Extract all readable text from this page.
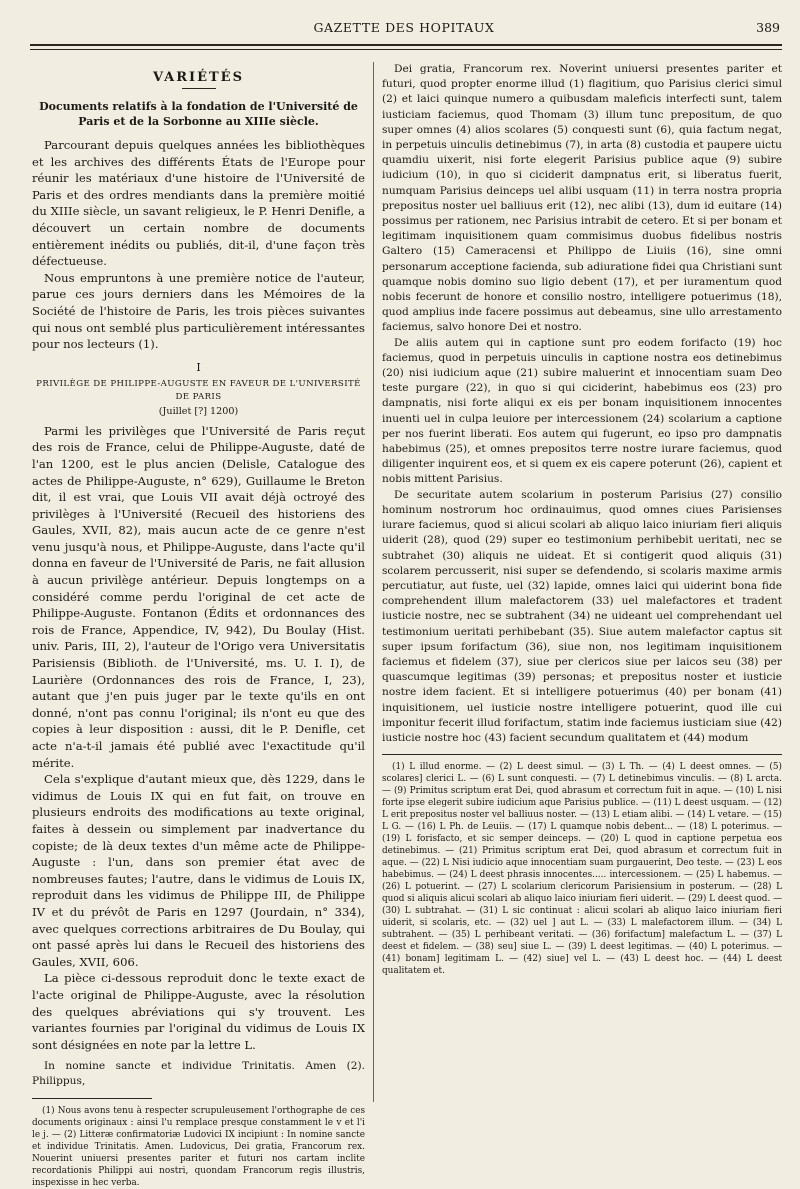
GAZETTE DES HOPITAUX	389
VARIÉTÉS
Documents relatifs à la fondation de l'Université de Paris et de la Sorbonne au XIIIe siècle.

Parcourant depuis quelques années les bibliothèques et les archives des différents États de l'Europe pour réunir les matériaux d'une histoire de l'Université de Paris et des ordres mendiants dans la première moitié du XIIIe siècle, un savant religieux, le P. Henri Denifle, a découvert un certain nombre de documents entièrement inédits ou publiés, dit-il, d'une façon très défectueuse.

Nous empruntons à une première notice de l'auteur, parue ces jours derniers dans les Mémoires de la Société de l'histoire de Paris, les trois pièces suivantes qui nous ont semblé plus particulièrement intéressantes pour nos lecteurs (1).

I
PRIVILÈGE DE PHILIPPE-AUGUSTE EN FAVEUR DE L'UNIVERSITÉ DE PARIS
(Juillet [?] 1200)

Parmi les privilèges que l'Université de Paris reçut des rois de France, celui de Philippe-Auguste, daté de l'an 1200, est le plus ancien (Delisle, Catalogue des actes de Philippe-Auguste, n° 629), Guillaume le Breton dit, il est vrai, que Louis VII avait déjà octroyé des privilèges à l'Université (Recueil des historiens des Gaules, XVII, 82), mais aucun acte de ce genre n'est venu jusqu'à nous, et Philippe-Auguste, dans l'acte qu'il donna en faveur de l'Université de Paris, ne fait allusion à aucun privilège antérieur. Depuis longtemps on a considéré comme perdu l'original de cet acte de Philippe-Auguste. Fontanon (Édits et ordonnances des rois de France, Appendice, IV, 942), Du Boulay (Hist. univ. Paris, III, 2), l'auteur de l'Origo vera Universitatis Parisiensis (Biblioth. de l'Université, ms. U. I. I), de Laurière (Ordonnances des rois de France, I, 23), autant que j'en puis juger par le texte qu'ils en ont donné, n'ont pas connu l'original; ils n'ont eu que des copies à leur disposition : aussi, dit le P. Denifle, cet acte n'a-t-il jamais été publié avec l'exactitude qu'il mérite.

Cela s'explique d'autant mieux que, dès 1229, dans le vidimus de Louis IX qui en fut fait, on trouve en plusieurs endroits des modifications au texte original, faites à dessein ou simplement par inadvertance du copiste; de là deux textes d'un même acte de Philippe-Auguste : l'un, dans son premier état avec de nombreuses fautes; l'autre, dans le vidimus de Louis IX, reproduit dans les vidimus de Philippe III, de Philippe IV et du prévôt de Paris en 1297 (Jourdain, n° 334), avec quelques corrections arbitraires de Du Boulay, qui ont passé après lui dans le Recueil des historiens des Gaules, XVII, 606.

La pièce ci-dessous reproduit donc le texte exact de l'acte original de Philippe-Auguste, avec la résolution des quelques abréviations qui s'y trouvent. Les variantes fournies par l'original du vidimus de Louis IX sont désignées en note par la lettre L.

In nomine sancte et individue Trinitatis. Amen (2). Philippus,

(1) Nous avons tenu à respecter scrupuleusement l'orthographe de ces documents originaux : ainsi l'u remplace presque constamment le v et l'i le j. — (2) Litteræ confirmatoriæ Ludovici IX incipiunt : In nomine sancte et individue Trinitatis. Amen. Ludovicus, Dei gratia, Francorum rex. Nouerint uniuersi presentes pariter et futuri nos cartam inclite recordationis Philippi aui nostri, quondam Francorum regis illustris, inspexisse in hec verba.

Dei gratia, Francorum rex. Noverint uniuersi presentes pariter et futuri, quod propter enorme illud (1) flagitium, quo Parisius clerici simul (2) et laici quinque numero a quibusdam maleficis interfecti sunt, talem iusticiam faciemus, quod Thomam (3) illum tunc prepositum, de quo super omnes (4) alios scolares (5) conquesti sunt (6), quia factum negat, in perpetuis uinculis detinebimus (7), in arta (8) custodia et paupere uictu quamdiu uixerit, nisi forte elegerit Parisius publice aque (9) subire iudicium (10), in quo si ciciderit dampnatus erit, si liberatus fuerit, numquam Parisius deinceps uel alibi usquam (11) in terra nostra propria prepositus noster uel balliuus erit (12), nec alibi (13), dum id euitare (14) possimus per rationem, nec Parisius intrabit de cetero. Et si per bonam et legitimam inquisitionem quam commisimus duobus fidelibus nostris Galtero (15) Cameracensi et Philippo de Liuiis (16), sine omni personarum acceptione facienda, sub adiuratione fidei qua Christiani sunt quamque nobis domino suo ligio debent (17), et per iuramentum quod nobis fecerunt de honore et consilio nostro, intelligere potuerimus (18), quod amplius inde facere possimus aut debeamus, sine ullo arrestamento faciemus, salvo honore Dei et nostro.

De aliis autem qui in captione sunt pro eodem forifacto (19) hoc faciemus, quod in perpetuis uinculis in captione nostra eos detinebimus (20) nisi iudicium aque (21) subire maluerint et innocentiam suam Deo teste purgare (22), in quo si qui ciciderint, habebimus eos (23) pro dampnatis, nisi forte aliqui ex eis per bonam inquisitionem innocentes inuenti uel in culpa leuiore per intercessionem (24) scolarium a captione per nos fuerint liberati. Eos autem qui fugerunt, eo ipso pro dampnatis habebimus (25), et omnes prepositos terre nostre iurare faciemus, quod diligenter inquirent eos, et si quem ex eis capere poterunt (26), capient et nobis mittent Parisius.

De securitate autem scolarium in posterum Parisius (27) consilio hominum nostrorum hoc ordinauimus, quod omnes ciues Parisienses iurare faciemus, quod si alicui scolari ab aliquo laico iniuriam fieri aliquis uiderit (28), quod (29) super eo testimonium perhibebit ueritati, nec se subtrahet (30) aliquis ne uideat. Et si contigerit quod aliquis (31) scolarem percusserit, nisi super se defendendo, si scolaris maxime armis percutiatur, aut fuste, uel (32) lapide, omnes laici qui uiderint bona fide comprehendent illum malefactorem (33) uel malefactores et tradent iusticie nostre, nec se subtrahent (34) ne uideant uel comprehendant uel testimonium ueritati perhibebant (35). Siue autem malefactor captus sit super ipsum forifactum (36), siue non, nos legitimam inquisitionem faciemus et fidelem (37), siue per clericos siue per laicos seu (38) per quascumque legitimas (39) personas; et prepositus noster et iusticie nostre idem facient. Et si intelligere potuerimus (40) per bonam (41) inquisitionem, uel iusticie nostre intelligere potuerint, quod ille cui imponitur fecerit illud forifactum, statim inde faciemus iusticiam siue (42) iusticie nostre hoc (43) facient secundum qualitatem et (44) modum

(1) L illud enorme. — (2) L deest simul. — (3) L Th. — (4) L deest omnes. — (5) scolares] clerici L. — (6) L sunt conquesti. — (7) L detinebimus vinculis. — (8) L arcta. — (9) Primitus scriptum erat Dei, quod abrasum et correctum fuit in aque. — (10) L nisi forte ipse elegerit subire iudicium aque Parisius publice. — (11) L deest usquam. — (12) L erit prepositus noster vel balliuus noster. — (13) L etiam alibi. — (14) L vetare. — (15) L G. — (16) L Ph. de Leuiis. — (17) L quamque nobis debent... — (18) L poterimus. — (19) L forisfacto, et sic semper deinceps. — (20) L quod in captione perpetua eos detinebimus. — (21) Primitus scriptum erat Dei, quod abrasum et correctum fuit in aque. — (22) L Nisi iudicio aque innocentiam suam purgauerint, Deo teste. — (23) L eos habebimus. — (24) L deest phrasis innocentes..... intercessionem. — (25) L habemus. — (26) L potuerint. — (27) L scolarium clericorum Parisiensium in posterum. — (28) L quod si aliquis alicui scolari ab aliquo laico iniuriam fieri uiderit. — (29) L deest quod. — (30) L subtrahat. — (31) L sic continuat : alicui scolari ab aliquo laico iniuriam fieri uiderit, si scolaris, etc. — (32) uel ] aut L. — (33) L malefactorem illum. — (34) L subtrahent. — (35) L perhibeant veritati. — (36) forifactum] malefactum L. — (37) L deest et fidelem. — (38) seu] siue L. — (39) L deest legitimas. — (40) L poterimus. — (41) bonam] legitimam L. — (42) siue] vel L. — (43) L deest hoc. — (44) L deest qualitatem et.
